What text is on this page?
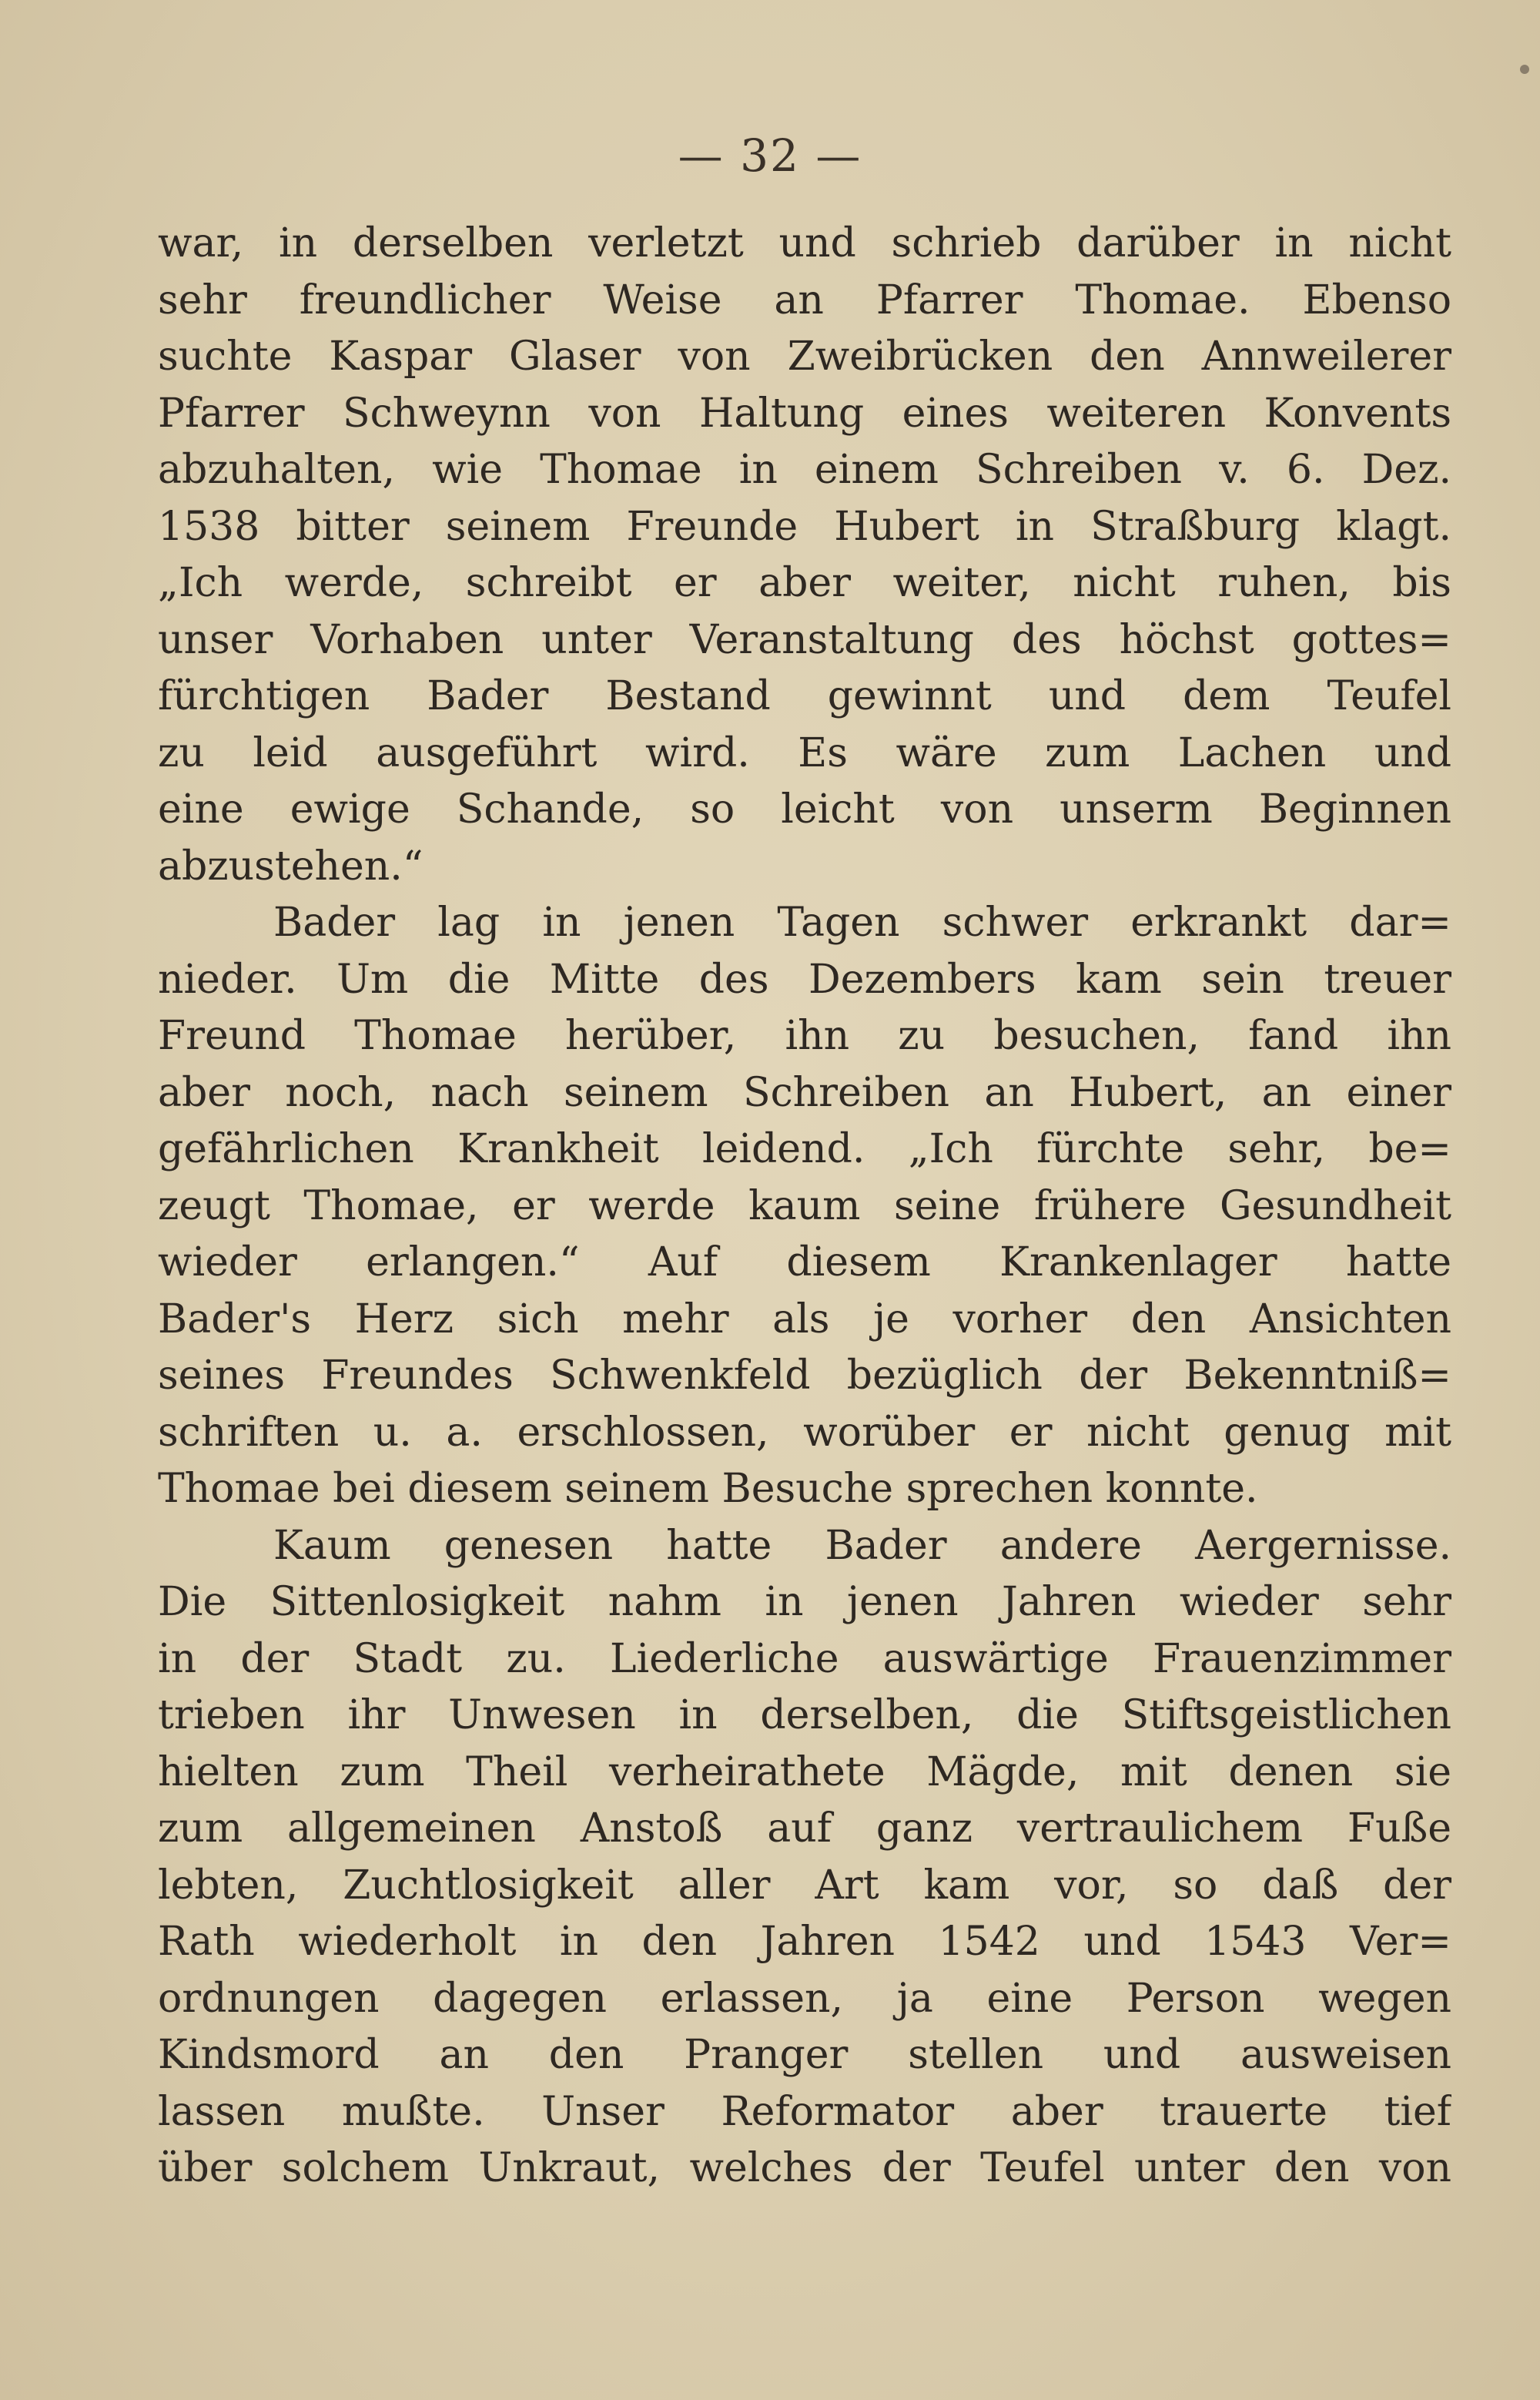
— 32 —
war, in derselben verletzt und schrieb darüber in nicht
sehr freundlicher Weise an Pfarrer Thomae. Ebenso
suchte Kaspar Glaser von Zweibrücken den Annweilerer
Pfarrer Schweynn von Haltung eines weiteren Konvents
abzuhalten, wie Thomae in einem Schreiben v. 6. Dez.
1538 bitter seinem Freunde Hubert in Straßburg klagt.
„Ich werde, schreibt er aber weiter, nicht ruhen, bis
unser Vorhaben unter Veranstaltung des höchst gottes=
fürchtigen Bader Bestand gewinnt und dem Teufel
zu leid ausgeführt wird. Es wäre zum Lachen und
eine ewige Schande, so leicht von unserm Beginnen
abzustehen.“
Bader lag in jenen Tagen schwer erkrankt dar=
nieder. Um die Mitte des Dezembers kam sein treuer
Freund Thomae herüber, ihn zu besuchen, fand ihn
aber noch, nach seinem Schreiben an Hubert, an einer
gefährlichen Krankheit leidend. „Ich fürchte sehr, be=
zeugt Thomae, er werde kaum seine frühere Gesundheit
wieder erlangen.“ Auf diesem Krankenlager hatte
Bader's Herz sich mehr als je vorher den Ansichten
seines Freundes Schwenkfeld bezüglich der Bekenntniß=
schriften u. a. erschlossen, worüber er nicht genug mit
Thomae bei diesem seinem Besuche sprechen konnte.
Kaum genesen hatte Bader andere Aergernisse.
Die Sittenlosigkeit nahm in jenen Jahren wieder sehr
in der Stadt zu. Liederliche auswärtige Frauenzimmer
trieben ihr Unwesen in derselben, die Stiftsgeistlichen
hielten zum Theil verheirathete Mägde, mit denen sie
zum allgemeinen Anstoß auf ganz vertraulichem Fuße
lebten, Zuchtlosigkeit aller Art kam vor, so daß der
Rath wiederholt in den Jahren 1542 und 1543 Ver=
ordnungen dagegen erlassen, ja eine Person wegen
Kindsmord an den Pranger stellen und ausweisen
lassen mußte. Unser Reformator aber trauerte tief
über solchem Unkraut, welches der Teufel unter den von
